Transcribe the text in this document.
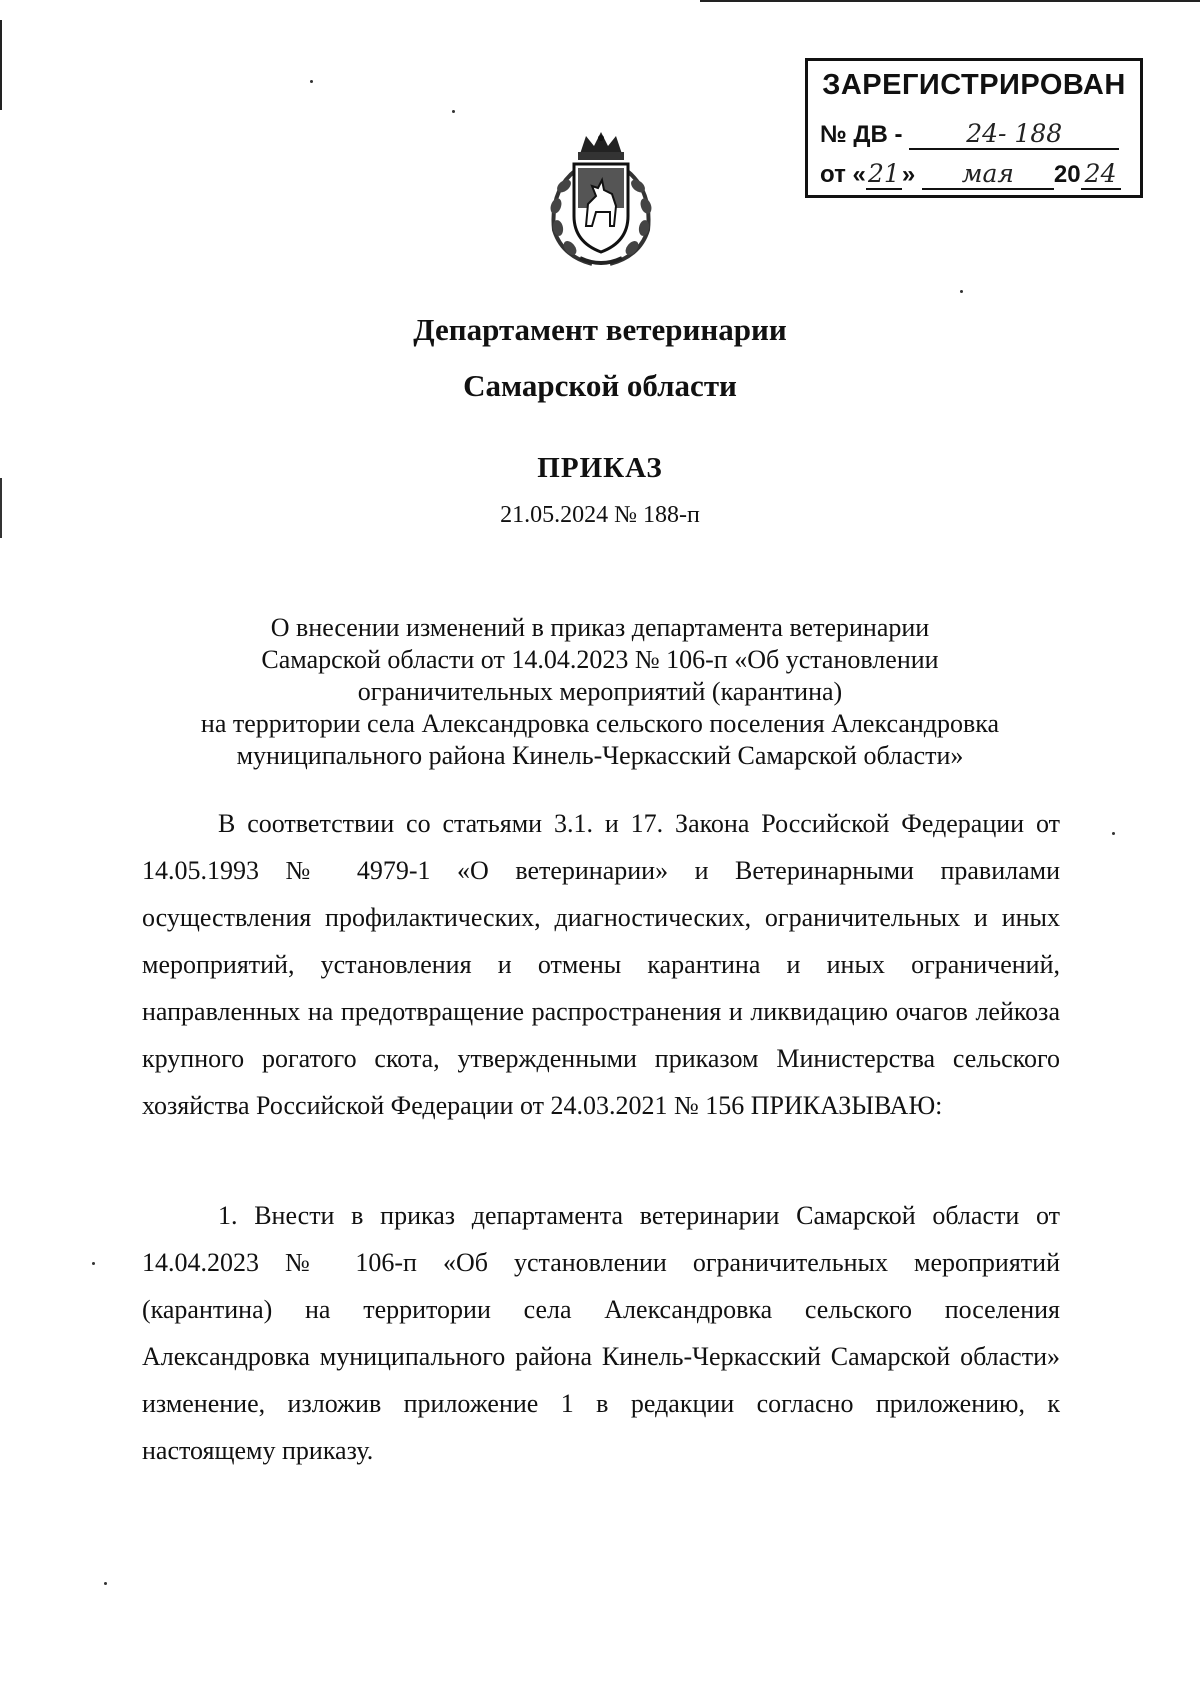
ЗАРЕГИСТРИРОВАН
№ ДВ -	24- 188
от «21» мая 20 24
Департамент ветеринарии
Самарской области
ПРИКАЗ
21.05.2024 № 188-п
О внесении изменений в приказ департамента ветеринарии
Самарской области от 14.04.2023 № 106-п «Об установлении
ограничительных мероприятий (карантина)
на территории села Александровка сельского поселения Александровка
муниципального района Кинель-Черкасский Самарской области»

В соответствии со статьями 3.1. и 17. Закона Российской Федерации от 14.05.1993 № 4979-1 «О ветеринарии» и Ветеринарными правилами осуществления профилактических, диагностических, ограничительных и иных мероприятий, установления и отмены карантина и иных ограничений, направленных на предотвращение распространения и ликвидацию очагов лейкоза крупного рогатого скота, утвержденными приказом Министерства сельского хозяйства Российской Федерации от 24.03.2021 № 156 ПРИКАЗЫВАЮ:

1. Внести в приказ департамента ветеринарии Самарской области от 14.04.2023 № 106-п «Об установлении ограничительных мероприятий (карантина) на территории села Александровка сельского поселения Александровка муниципального района Кинель-Черкасский Самарской области» изменение, изложив приложение 1 в редакции согласно приложению, к настоящему приказу.
